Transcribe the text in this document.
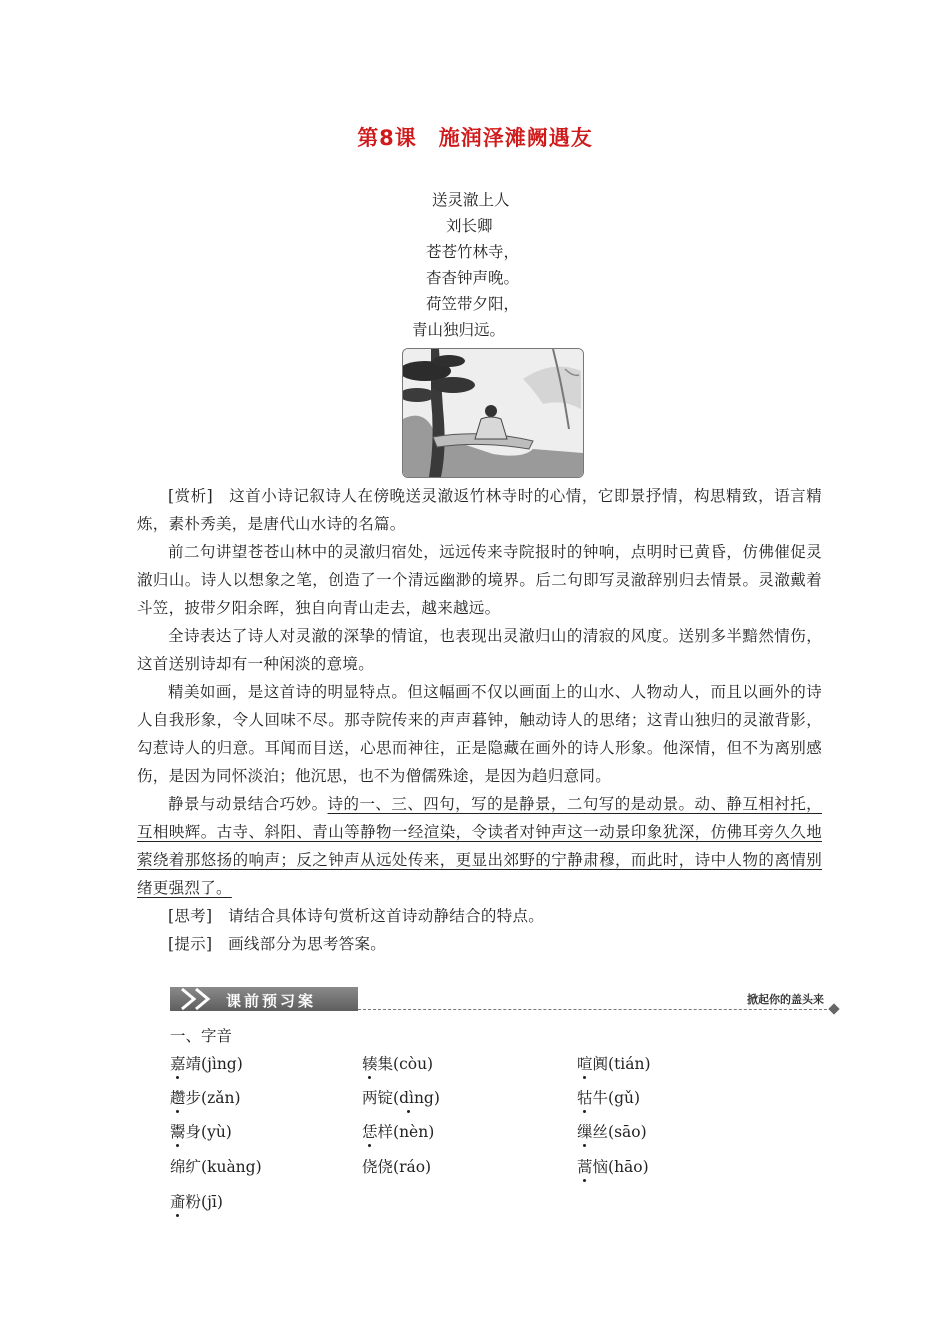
第8课　施润泽滩阙遇友
送灵澈上人
刘长卿
苍苍竹林寺，
杳杳钟声晚。
荷笠带夕阳，
青山独归远。

[赏析]　这首小诗记叙诗人在傍晚送灵澈返竹林寺时的心情，它即景抒情，构思精致，语言精炼，素朴秀美，是唐代山水诗的名篇。

前二句讲望苍苍山林中的灵澈归宿处，远远传来寺院报时的钟响，点明时已黄昏，仿佛催促灵澈归山。诗人以想象之笔，创造了一个清远幽渺的境界。后二句即写灵澈辞别归去情景。灵澈戴着斗笠，披带夕阳余晖，独自向青山走去，越来越远。

全诗表达了诗人对灵澈的深挚的情谊，也表现出灵澈归山的清寂的风度。送别多半黯然情伤，这首送别诗却有一种闲淡的意境。

精美如画，是这首诗的明显特点。但这幅画不仅以画面上的山水、人物动人，而且以画外的诗人自我形象，令人回味不尽。那寺院传来的声声暮钟，触动诗人的思绪；这青山独归的灵澈背影，勾惹诗人的归意。耳闻而目送，心思而神往，正是隐藏在画外的诗人形象。他深情，但不为离别感伤，是因为同怀淡泊；他沉思，也不为僧儒殊途，是因为趋归意同。

静景与动景结合巧妙。诗的一、三、四句，写的是静景，二句写的是动景。动、静互相衬托，互相映辉。古寺、斜阳、青山等静物一经渲染，令读者对钟声这一动景印象犹深，仿佛耳旁久久地萦绕着那悠扬的响声；反之钟声从远处传来，更显出郊野的宁静肃穆，而此时，诗中人物的离情别绪更强烈了。

[思考]　请结合具体诗句赏析这首诗动静结合的特点。

[提示]　画线部分为思考答案。

课前预习案	掀起你的盖头来
一、字音
嘉靖(jìng)	辏集(còu)	喧阗(tián)
趱步(zǎn)	两锭(dìng)	牯牛(gǔ)
鬻身(yù)	恁样(nèn)	缫丝(sāo)
绵纩(kuàng)	侥侥(ráo)	蒿恼(hāo)
齑粉(jī)
